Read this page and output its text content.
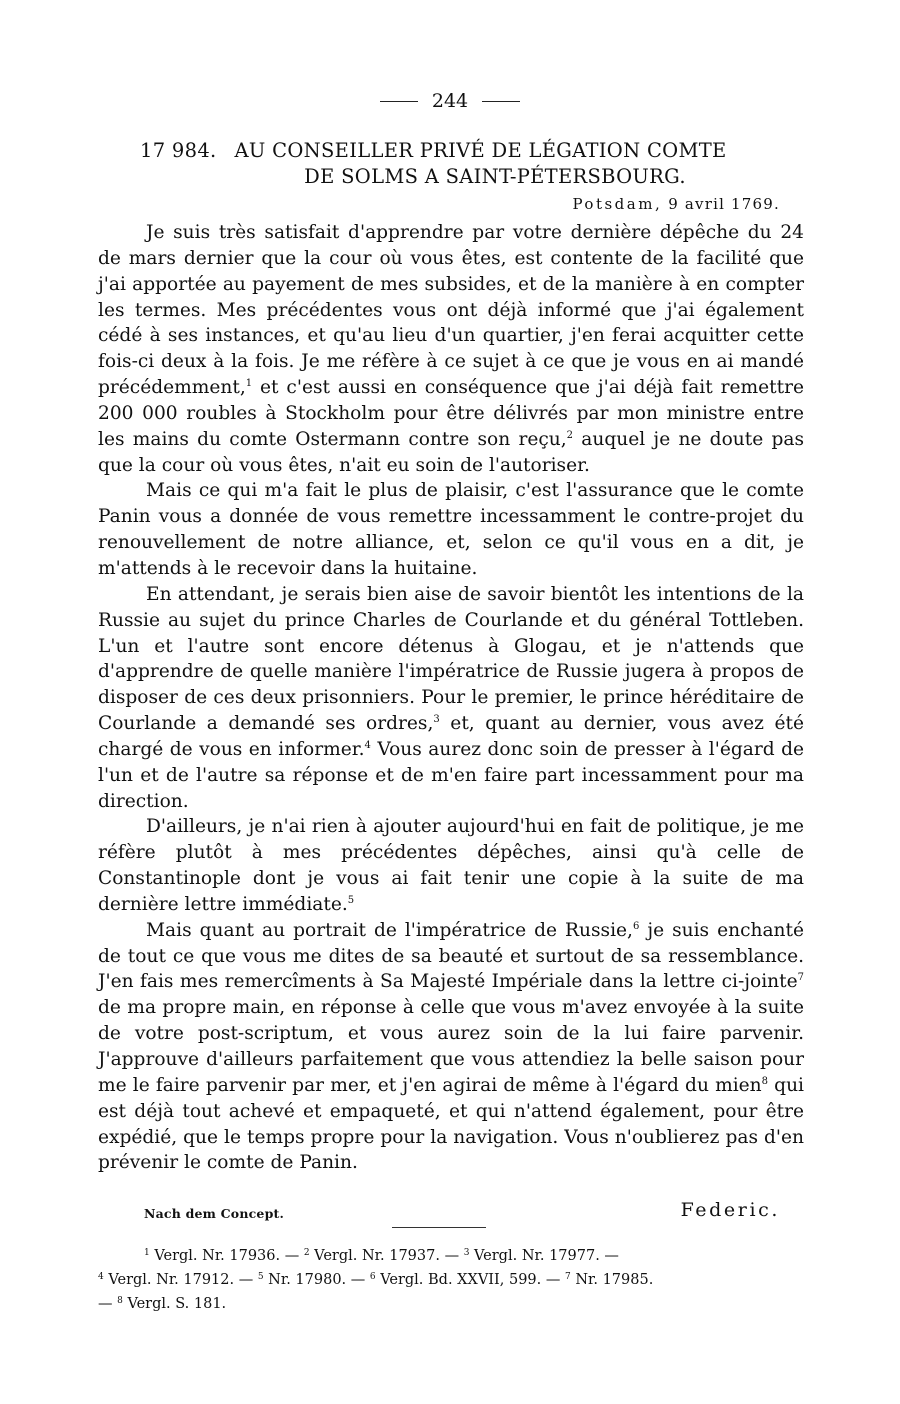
244
17 984. AU CONSEILLER PRIVÉ DE LÉGATION COMTE
DE SOLMS A SAINT-PÉTERSBOURG.
Potsdam, 9 avril 1769.

Je suis très satisfait d'apprendre par votre dernière dépêche du 24 de mars dernier que la cour où vous êtes, est contente de la facilité que j'ai apportée au payement de mes subsides, et de la manière à en compter les termes. Mes précédentes vous ont déjà informé que j'ai également cédé à ses instances, et qu'au lieu d'un quartier, j'en ferai acquitter cette fois-ci deux à la fois. Je me réfère à ce sujet à ce que je vous en ai mandé précédemment,$^1$ et c'est aussi en conséquence que j'ai déjà fait remettre 200 000 roubles à Stockholm pour être délivrés par mon ministre entre les mains du comte Ostermann contre son reçu,$^2$ auquel je ne doute pas que la cour où vous êtes, n'ait eu soin de l'autoriser.

Mais ce qui m'a fait le plus de plaisir, c'est l'assurance que le comte Panin vous a donnée de vous remettre incessamment le contre-projet du renouvellement de notre alliance, et, selon ce qu'il vous en a dit, je m'attends à le recevoir dans la huitaine.

En attendant, je serais bien aise de savoir bientôt les intentions de la Russie au sujet du prince Charles de Courlande et du général Tottleben. L'un et l'autre sont encore détenus à Glogau, et je n'attends que d'apprendre de quelle manière l'impératrice de Russie jugera à propos de disposer de ces deux prisonniers. Pour le premier, le prince héréditaire de Courlande a demandé ses ordres,$^3$ et, quant au dernier, vous avez été chargé de vous en informer.$^4$ Vous aurez donc soin de presser à l'égard de l'un et de l'autre sa réponse et de m'en faire part incessamment pour ma direction.

D'ailleurs, je n'ai rien à ajouter aujourd'hui en fait de politique, je me réfère plutôt à mes précédentes dépêches, ainsi qu'à celle de Constantinople dont je vous ai fait tenir une copie à la suite de ma dernière lettre immédiate.$^5$

Mais quant au portrait de l'impératrice de Russie,$^6$ je suis enchanté de tout ce que vous me dites de sa beauté et surtout de sa ressemblance. J'en fais mes remercîments à Sa Majesté Impériale dans la lettre ci-jointe$^7$ de ma propre main, en réponse à celle que vous m'avez envoyée à la suite de votre post-scriptum, et vous aurez soin de la lui faire parvenir. J'approuve d'ailleurs parfaitement que vous attendiez la belle saison pour me le faire parvenir par mer, et j'en agirai de même à l'égard du mien$^8$ qui est déjà tout achevé et empaqueté, et qui n'attend également, pour être expédié, que le temps propre pour la navigation. Vous n'oublierez pas d'en prévenir le comte de Panin.

Nach dem Concept.	Federic.
$^1$ Vergl. Nr. 17936. — $^2$ Vergl. Nr. 17937. — $^3$ Vergl. Nr. 17977. —
$^4$ Vergl. Nr. 17912. — $^5$ Nr. 17980. — $^6$ Vergl. Bd. XXVII, 599. — $^7$ Nr. 17985.
— $^8$ Vergl. S. 181.
